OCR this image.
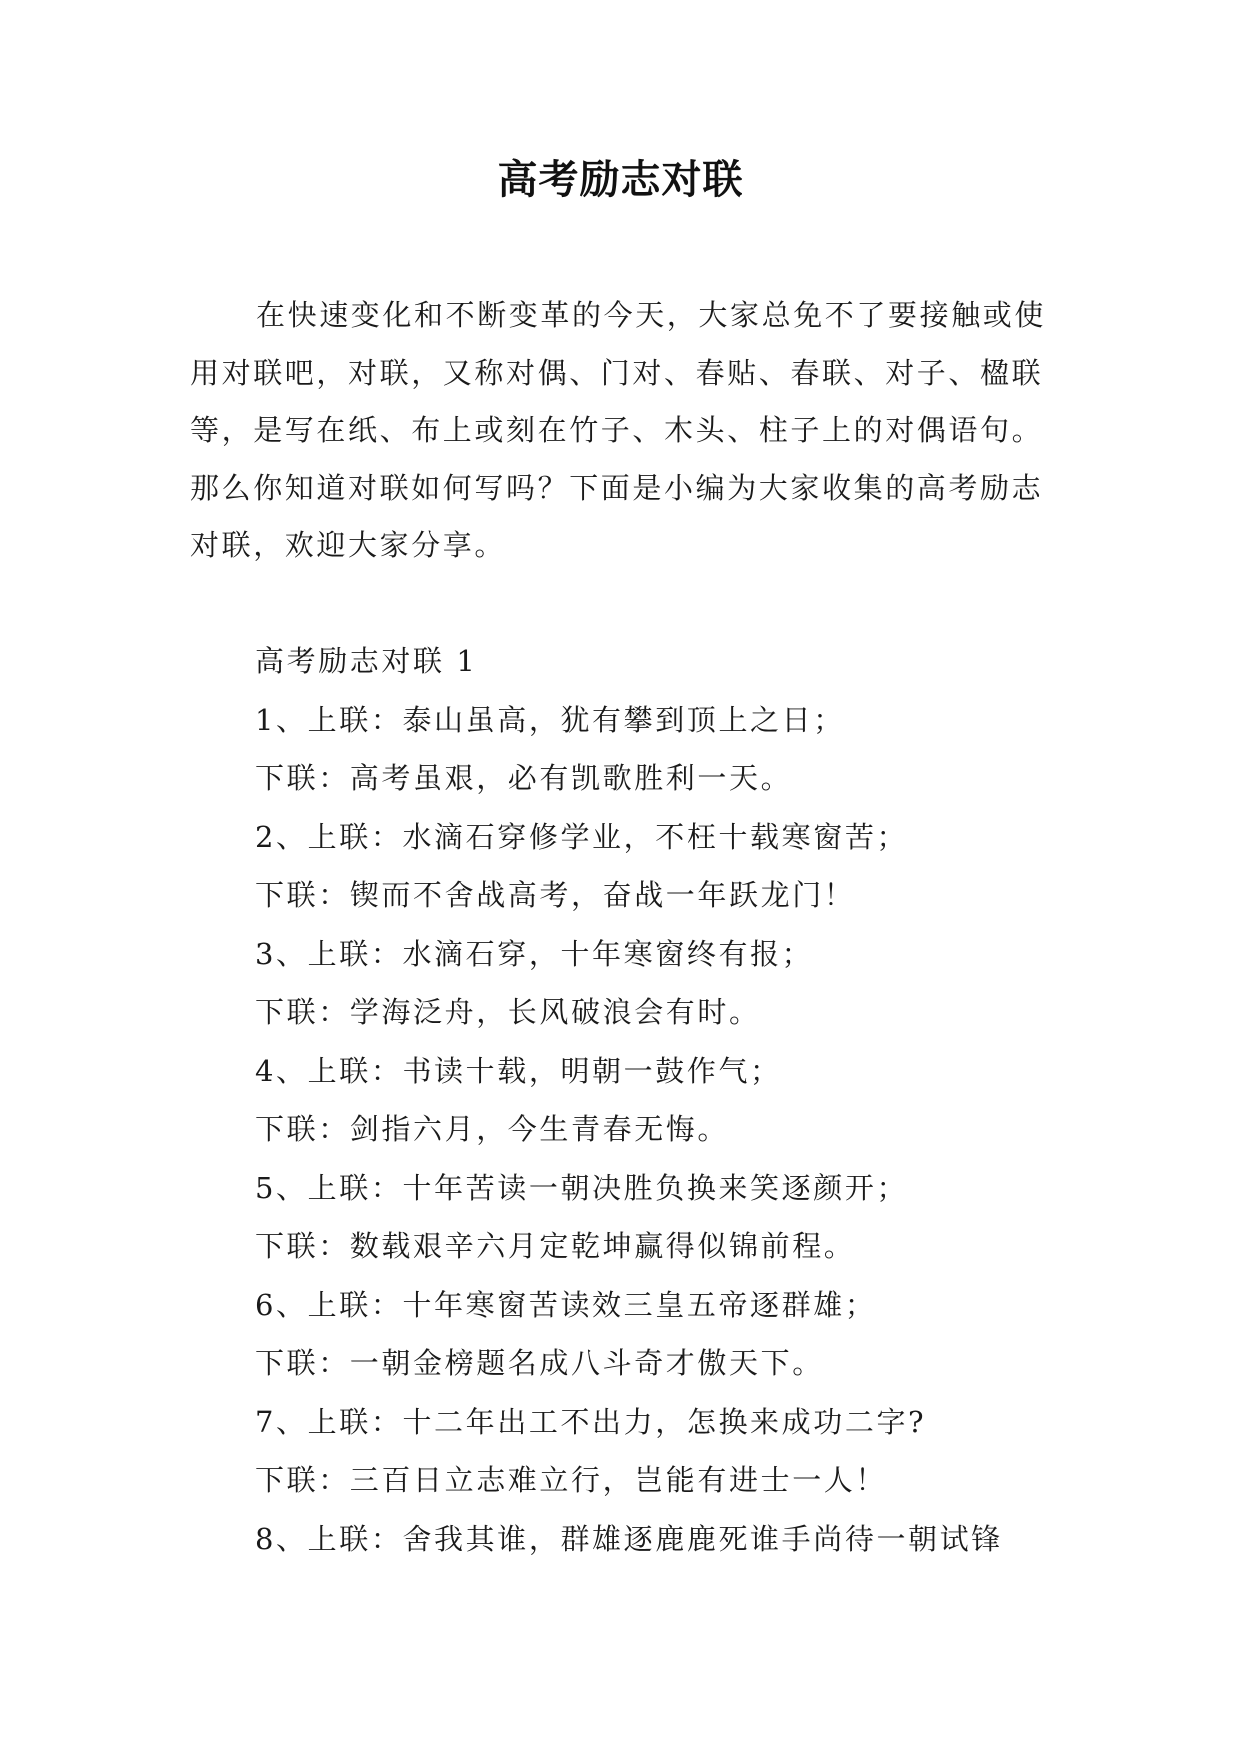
高考励志对联

在快速变化和不断变革的今天，大家总免不了要接触或使用对联吧，对联，又称对偶、门对、春贴、春联、对子、楹联等，是写在纸、布上或刻在竹子、木头、柱子上的对偶语句。那么你知道对联如何写吗？下面是小编为大家收集的高考励志对联，欢迎大家分享。

高考励志对联 1
1、上联：泰山虽高，犹有攀到顶上之日；
下联：高考虽艰，必有凯歌胜利一天。
2、上联：水滴石穿修学业，不枉十载寒窗苦；
下联：锲而不舍战高考，奋战一年跃龙门！
3、上联：水滴石穿，十年寒窗终有报；
下联：学海泛舟，长风破浪会有时。
4、上联：书读十载，明朝一鼓作气；
下联：剑指六月，今生青春无悔。
5、上联：十年苦读一朝决胜负换来笑逐颜开；
下联：数载艰辛六月定乾坤赢得似锦前程。
6、上联：十年寒窗苦读效三皇五帝逐群雄；
下联：一朝金榜题名成八斗奇才傲天下。
7、上联：十二年出工不出力，怎换来成功二字?
下联：三百日立志难立行，岂能有进士一人！
8、上联：舍我其谁，群雄逐鹿鹿死谁手尚待一朝试锋
